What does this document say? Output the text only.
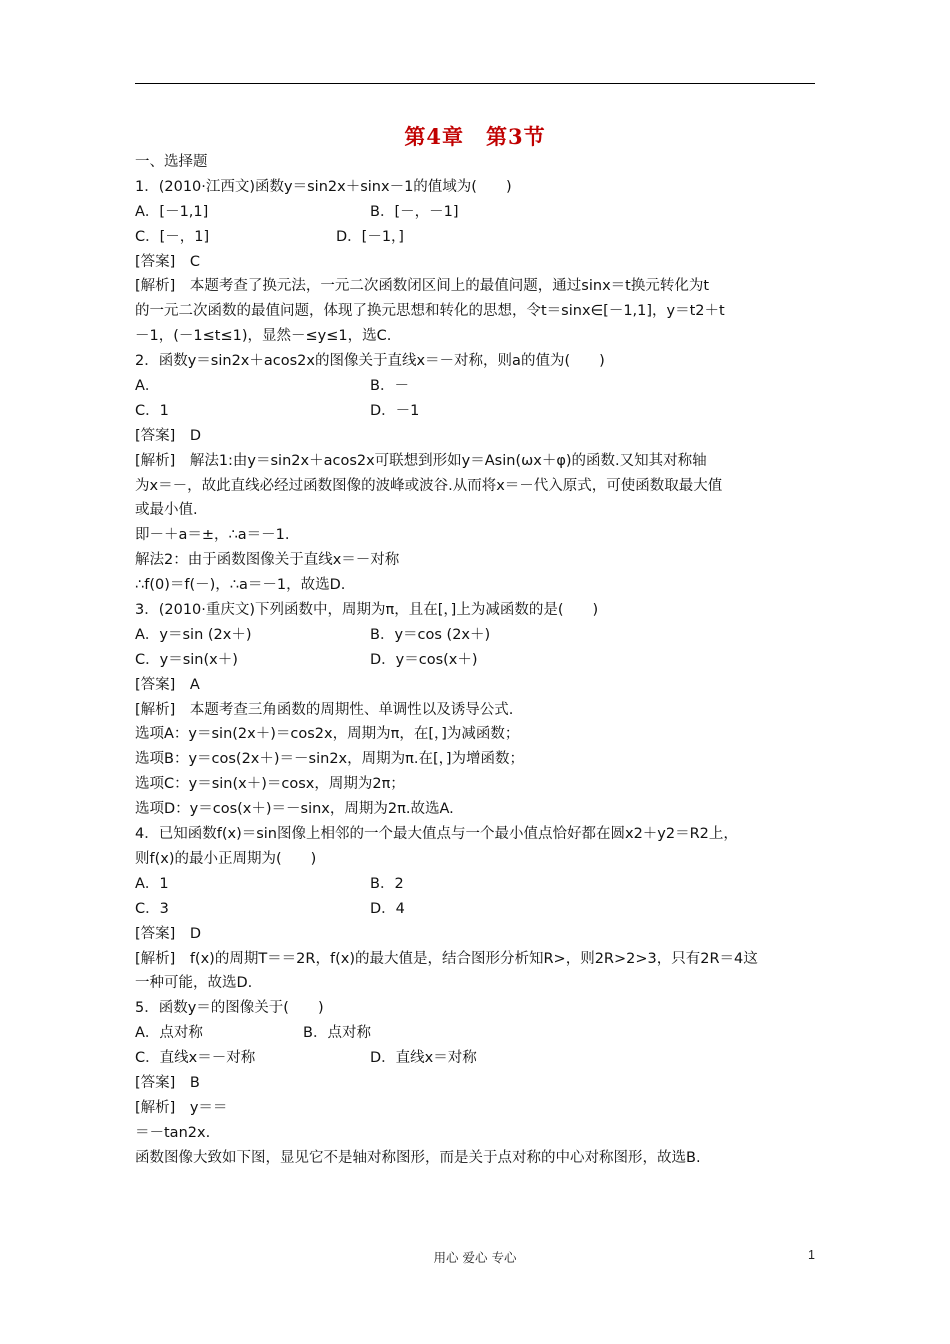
第4章　第3节
一、选择题
1．(2010·江西文)函数y＝sin2x＋sinx－1的值域为(　　)
A．[－1,1]	B．[－，－1]
C．[－，1]	D．[－1，]
[答案]　C
[解析]　本题考查了换元法，一元二次函数闭区间上的最值问题，通过sinx＝t换元转化为t
的一元二次函数的最值问题，体现了换元思想和转化的思想，令t＝sinx∈[－1,1]，y＝t2＋t
－1，(－1≤t≤1)，显然－≤y≤1，选C.
2．函数y＝sin2x＋acos2x的图像关于直线x＝－对称，则a的值为(　　)
A．	B．－
C．1	D．－1
[答案]　D
[解析]　解法1:由y＝sin2x＋acos2x可联想到形如y＝Asin(ωx＋φ)的函数.又知其对称轴
为x＝－，故此直线必经过函数图像的波峰或波谷.从而将x＝－代入原式，可使函数取最大值
或最小值.
即－＋a＝±，∴a＝－1.
解法2：由于函数图像关于直线x＝－对称
∴f(0)＝f(－)，∴a＝－1，故选D.
3．(2010·重庆文)下列函数中，周期为π，且在[，]上为减函数的是(　　)
A．y＝sin (2x＋)	B．y＝cos (2x＋)
C．y＝sin(x＋)	D．y＝cos(x＋)
[答案]　A
[解析]　本题考查三角函数的周期性、单调性以及诱导公式.
选项A：y＝sin(2x＋)＝cos2x，周期为π，在[，]为减函数；
选项B：y＝cos(2x＋)＝－sin2x，周期为π.在[，]为增函数；
选项C：y＝sin(x＋)＝cosx，周期为2π；
选项D：y＝cos(x＋)＝－sinx，周期为2π.故选A.
4．已知函数f(x)＝sin图像上相邻的一个最大值点与一个最小值点恰好都在圆x2＋y2＝R2上，
则f(x)的最小正周期为(　　)
A．1	B．2
C．3	D．4
[答案]　D
[解析]　f(x)的周期T＝＝2R，f(x)的最大值是，结合图形分析知R>，则2R>2>3，只有2R＝4这
一种可能，故选D.
5．函数y＝的图像关于(　　)
A．点对称	B．点对称
C．直线x＝－对称	D．直线x＝对称
[答案]　B
[解析]　y＝＝
＝－tan2x.
函数图像大致如下图，显见它不是轴对称图形，而是关于点对称的中心对称图形，故选B.
用心 爱心 专心	1
